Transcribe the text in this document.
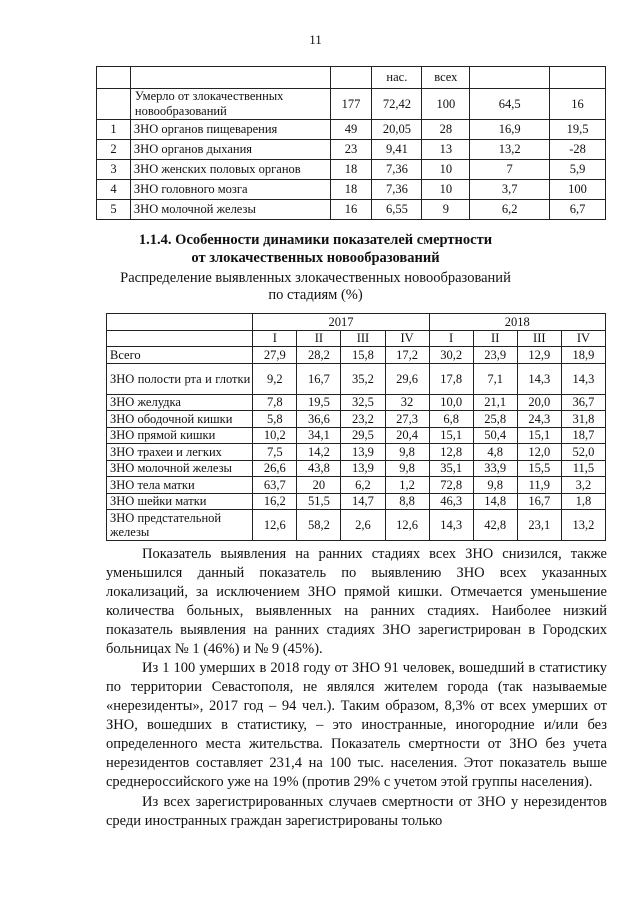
11
			нас.	всех		
	Умерло от злокачественных новообразований	177	72,42	100	64,5	16
1	ЗНО органов пищеварения	49	20,05	28	16,9	19,5
2	ЗНО органов дыхания	23	9,41	13	13,2	-28
3	ЗНО женских половых органов	18	7,36	10	7	5,9
4	ЗНО головного мозга	18	7,36	10	3,7	100
5	ЗНО молочной железы	16	6,55	9	6,2	6,7
1.1.4. Особенности динамики показателей смертности
от злокачественных новообразований
Распределение выявленных злокачественных новообразований
по стадиям (%)
	2017				2018			
	I	II	III	IV	I	II	III	IV
Всего	27,9	28,2	15,8	17,2	30,2	23,9	12,9	18,9
ЗНО полости рта и глотки	9,2	16,7	35,2	29,6	17,8	7,1	14,3	14,3
ЗНО желудка	7,8	19,5	32,5	32	10,0	21,1	20,0	36,7
ЗНО ободочной кишки	5,8	36,6	23,2	27,3	6,8	25,8	24,3	31,8
ЗНО прямой кишки	10,2	34,1	29,5	20,4	15,1	50,4	15,1	18,7
ЗНО трахеи и легких	7,5	14,2	13,9	9,8	12,8	4,8	12,0	52,0
ЗНО молочной железы	26,6	43,8	13,9	9,8	35,1	33,9	15,5	11,5
ЗНО тела матки	63,7	20	6,2	1,2	72,8	9,8	11,9	3,2
ЗНО шейки матки	16,2	51,5	14,7	8,8	46,3	14,8	16,7	1,8
ЗНО предстательной железы	12,6	58,2	2,6	12,6	14,3	42,8	23,1	13,2

Показатель выявления на ранних стадиях всех ЗНО снизился, также уменьшился данный показатель по выявлению ЗНО всех указанных локализаций, за исключением ЗНО прямой кишки. Отмечается уменьшение количества больных, выявленных на ранних стадиях. Наиболее низкий показатель выявления на ранних стадиях ЗНО зарегистрирован в Городских больницах № 1 (46%) и № 9 (45%).

Из 1 100 умерших в 2018 году от ЗНО 91 человек, вошедший в статистику по территории Севастополя, не являлся жителем города (так называемые «нерезиденты», 2017 год – 94 чел.). Таким образом, 8,3% от всех умерших от ЗНО, вошедших в статистику, – это иностранные, иногородние и/или без определенного места жительства. Показатель смертности от ЗНО без учета нерезидентов составляет 231,4 на 100 тыс. населения. Этот показатель выше среднероссийского уже на 19% (против 29% с учетом этой группы населения).

Из всех зарегистрированных случаев смертности от ЗНО у нерезидентов среди иностранных граждан зарегистрированы только
